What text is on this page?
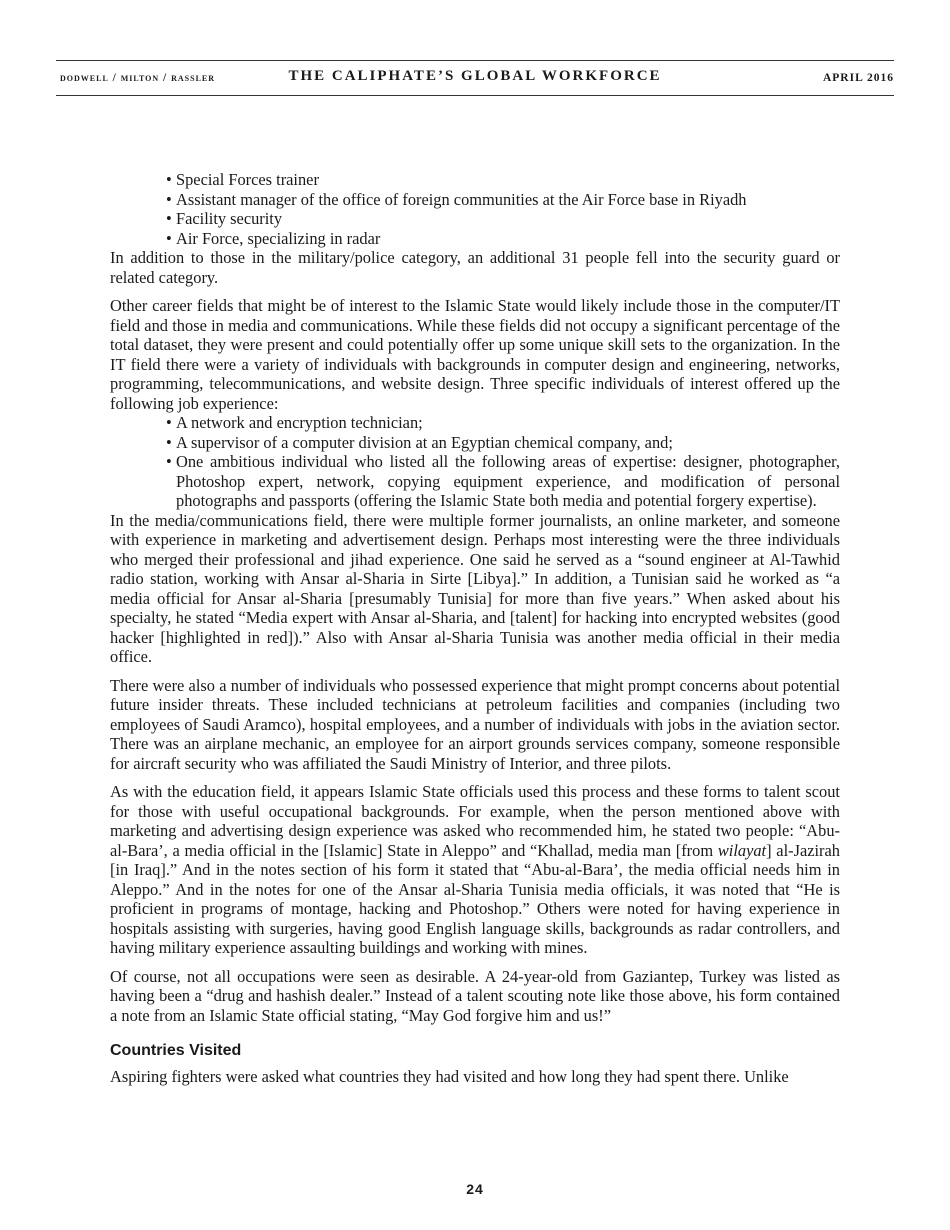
dodwell / milton / rassler	THE CALIPHATE’S GLOBAL WORKFORCE	APRIL 2016
• Special Forces trainer
• Assistant manager of the office of foreign communities at the Air Force base in Riyadh
• Facility security
• Air Force, specializing in radar

In addition to those in the military/police category, an additional 31 people fell into the security guard or related category.

Other career fields that might be of interest to the Islamic State would likely include those in the computer/IT field and those in media and communications. While these fields did not occupy a significant percentage of the total dataset, they were present and could potentially offer up some unique skill sets to the organization. In the IT field there were a variety of individuals with backgrounds in computer design and engineering, networks, programming, telecommunications, and website design. Three specific individuals of interest offered up the following job experience:

• A network and encryption technician;
• A supervisor of a computer division at an Egyptian chemical company, and;
• One ambitious individual who listed all the following areas of expertise: designer, photographer, Photoshop expert, network, copying equipment experience, and modification of personal photographs and passports (offering the Islamic State both media and potential forgery expertise).

In the media/communications field, there were multiple former journalists, an online marketer, and someone with experience in marketing and advertisement design. Perhaps most interesting were the three individuals who merged their professional and jihad experience. One said he served as a “sound engineer at Al-Tawhid radio station, working with Ansar al-Sharia in Sirte [Libya].” In addition, a Tunisian said he worked as “a media official for Ansar al-Sharia [presumably Tunisia] for more than five years.” When asked about his specialty, he stated “Media expert with Ansar al-Sharia, and [talent] for hacking into encrypted websites (good hacker [highlighted in red]).” Also with Ansar al-Sharia Tunisia was another media official in their media office.

There were also a number of individuals who possessed experience that might prompt concerns about potential future insider threats. These included technicians at petroleum facilities and companies (including two employees of Saudi Aramco), hospital employees, and a number of individuals with jobs in the aviation sector. There was an airplane mechanic, an employee for an airport grounds services company, someone responsible for aircraft security who was affiliated the Saudi Ministry of Interior, and three pilots.

As with the education field, it appears Islamic State officials used this process and these forms to talent scout for those with useful occupational backgrounds. For example, when the person mentioned above with marketing and advertising design experience was asked who recommended him, he stated two people: “Abu-al-Bara’, a media official in the [Islamic] State in Aleppo” and “Khallad, media man [from wilayat] al-Jazirah [in Iraq].” And in the notes section of his form it stated that “Abu-al-Bara’, the media official needs him in Aleppo.” And in the notes for one of the Ansar al-Sharia Tunisia media officials, it was noted that “He is proficient in programs of montage, hacking and Photoshop.” Others were noted for having experience in hospitals assisting with surgeries, having good English language skills, backgrounds as radar controllers, and having military experience assaulting buildings and working with mines.

Of course, not all occupations were seen as desirable. A 24-year-old from Gaziantep, Turkey was listed as having been a “drug and hashish dealer.” Instead of a talent scouting note like those above, his form contained a note from an Islamic State official stating, “May God forgive him and us!”

Countries Visited

Aspiring fighters were asked what countries they had visited and how long they had spent there. Unlike

24
